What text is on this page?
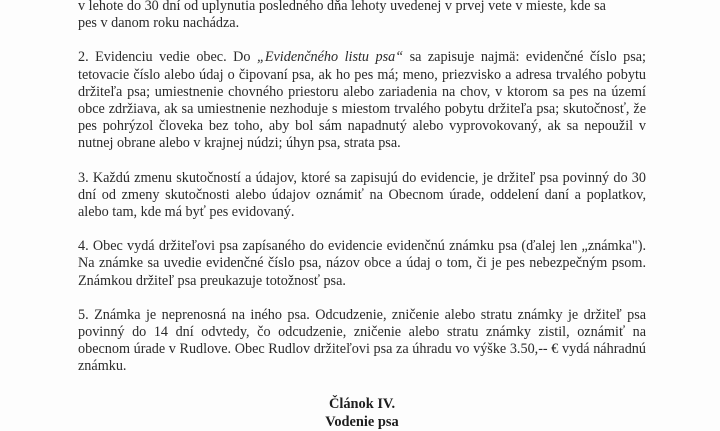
v lehote do 30 dní od uplynutia posledného dňa lehoty uvedenej v prvej vete v mieste, kde sa
pes v danom roku nachádza.

2. Evidenciu vedie obec. Do „Evidenčného listu psa“ sa zapisuje najmä: evidenčné číslo psa; tetovacie číslo alebo údaj o čipovaní psa, ak ho pes má; meno, priezvisko a adresa trvalého pobytu držiteľa psa; umiestnenie chovného priestoru alebo zariadenia na chov, v ktorom sa pes na území obce zdržiava, ak sa umiestnenie nezhoduje s miestom trvalého pobytu držiteľa psa; skutočnosť, že pes pohrýzol človeka bez toho, aby bol sám napadnutý alebo vyprovokovaný, ak sa nepoužil v nutnej obrane alebo v krajnej núdzi; úhyn psa, strata psa.

3. Každú zmenu skutočností a údajov, ktoré sa zapisujú do evidencie, je držiteľ psa povinný do 30 dní od zmeny skutočnosti alebo údajov oznámiť na Obecnom úrade, oddelení daní a poplatkov, alebo tam, kde má byť pes evidovaný.

4. Obec vydá držiteľovi psa zapísaného do evidencie evidenčnú známku psa (ďalej len „známka"). Na známke sa uvedie evidenčné číslo psa, názov obce a údaj o tom, či je pes nebezpečným psom. Známkou držiteľ psa preukazuje totožnosť psa.

5. Známka je neprenosná na iného psa. Odcudzenie, zničenie alebo stratu známky je držiteľ psa povinný do 14 dní odvtedy, čo odcudzenie, zničenie alebo stratu známky zistil, oznámiť na obecnom úrade v Rudlove. Obec Rudlov držiteľovi psa za úhradu vo výške 3.50,-- € vydá náhradnú známku.

Článok IV.

Vodenie psa
